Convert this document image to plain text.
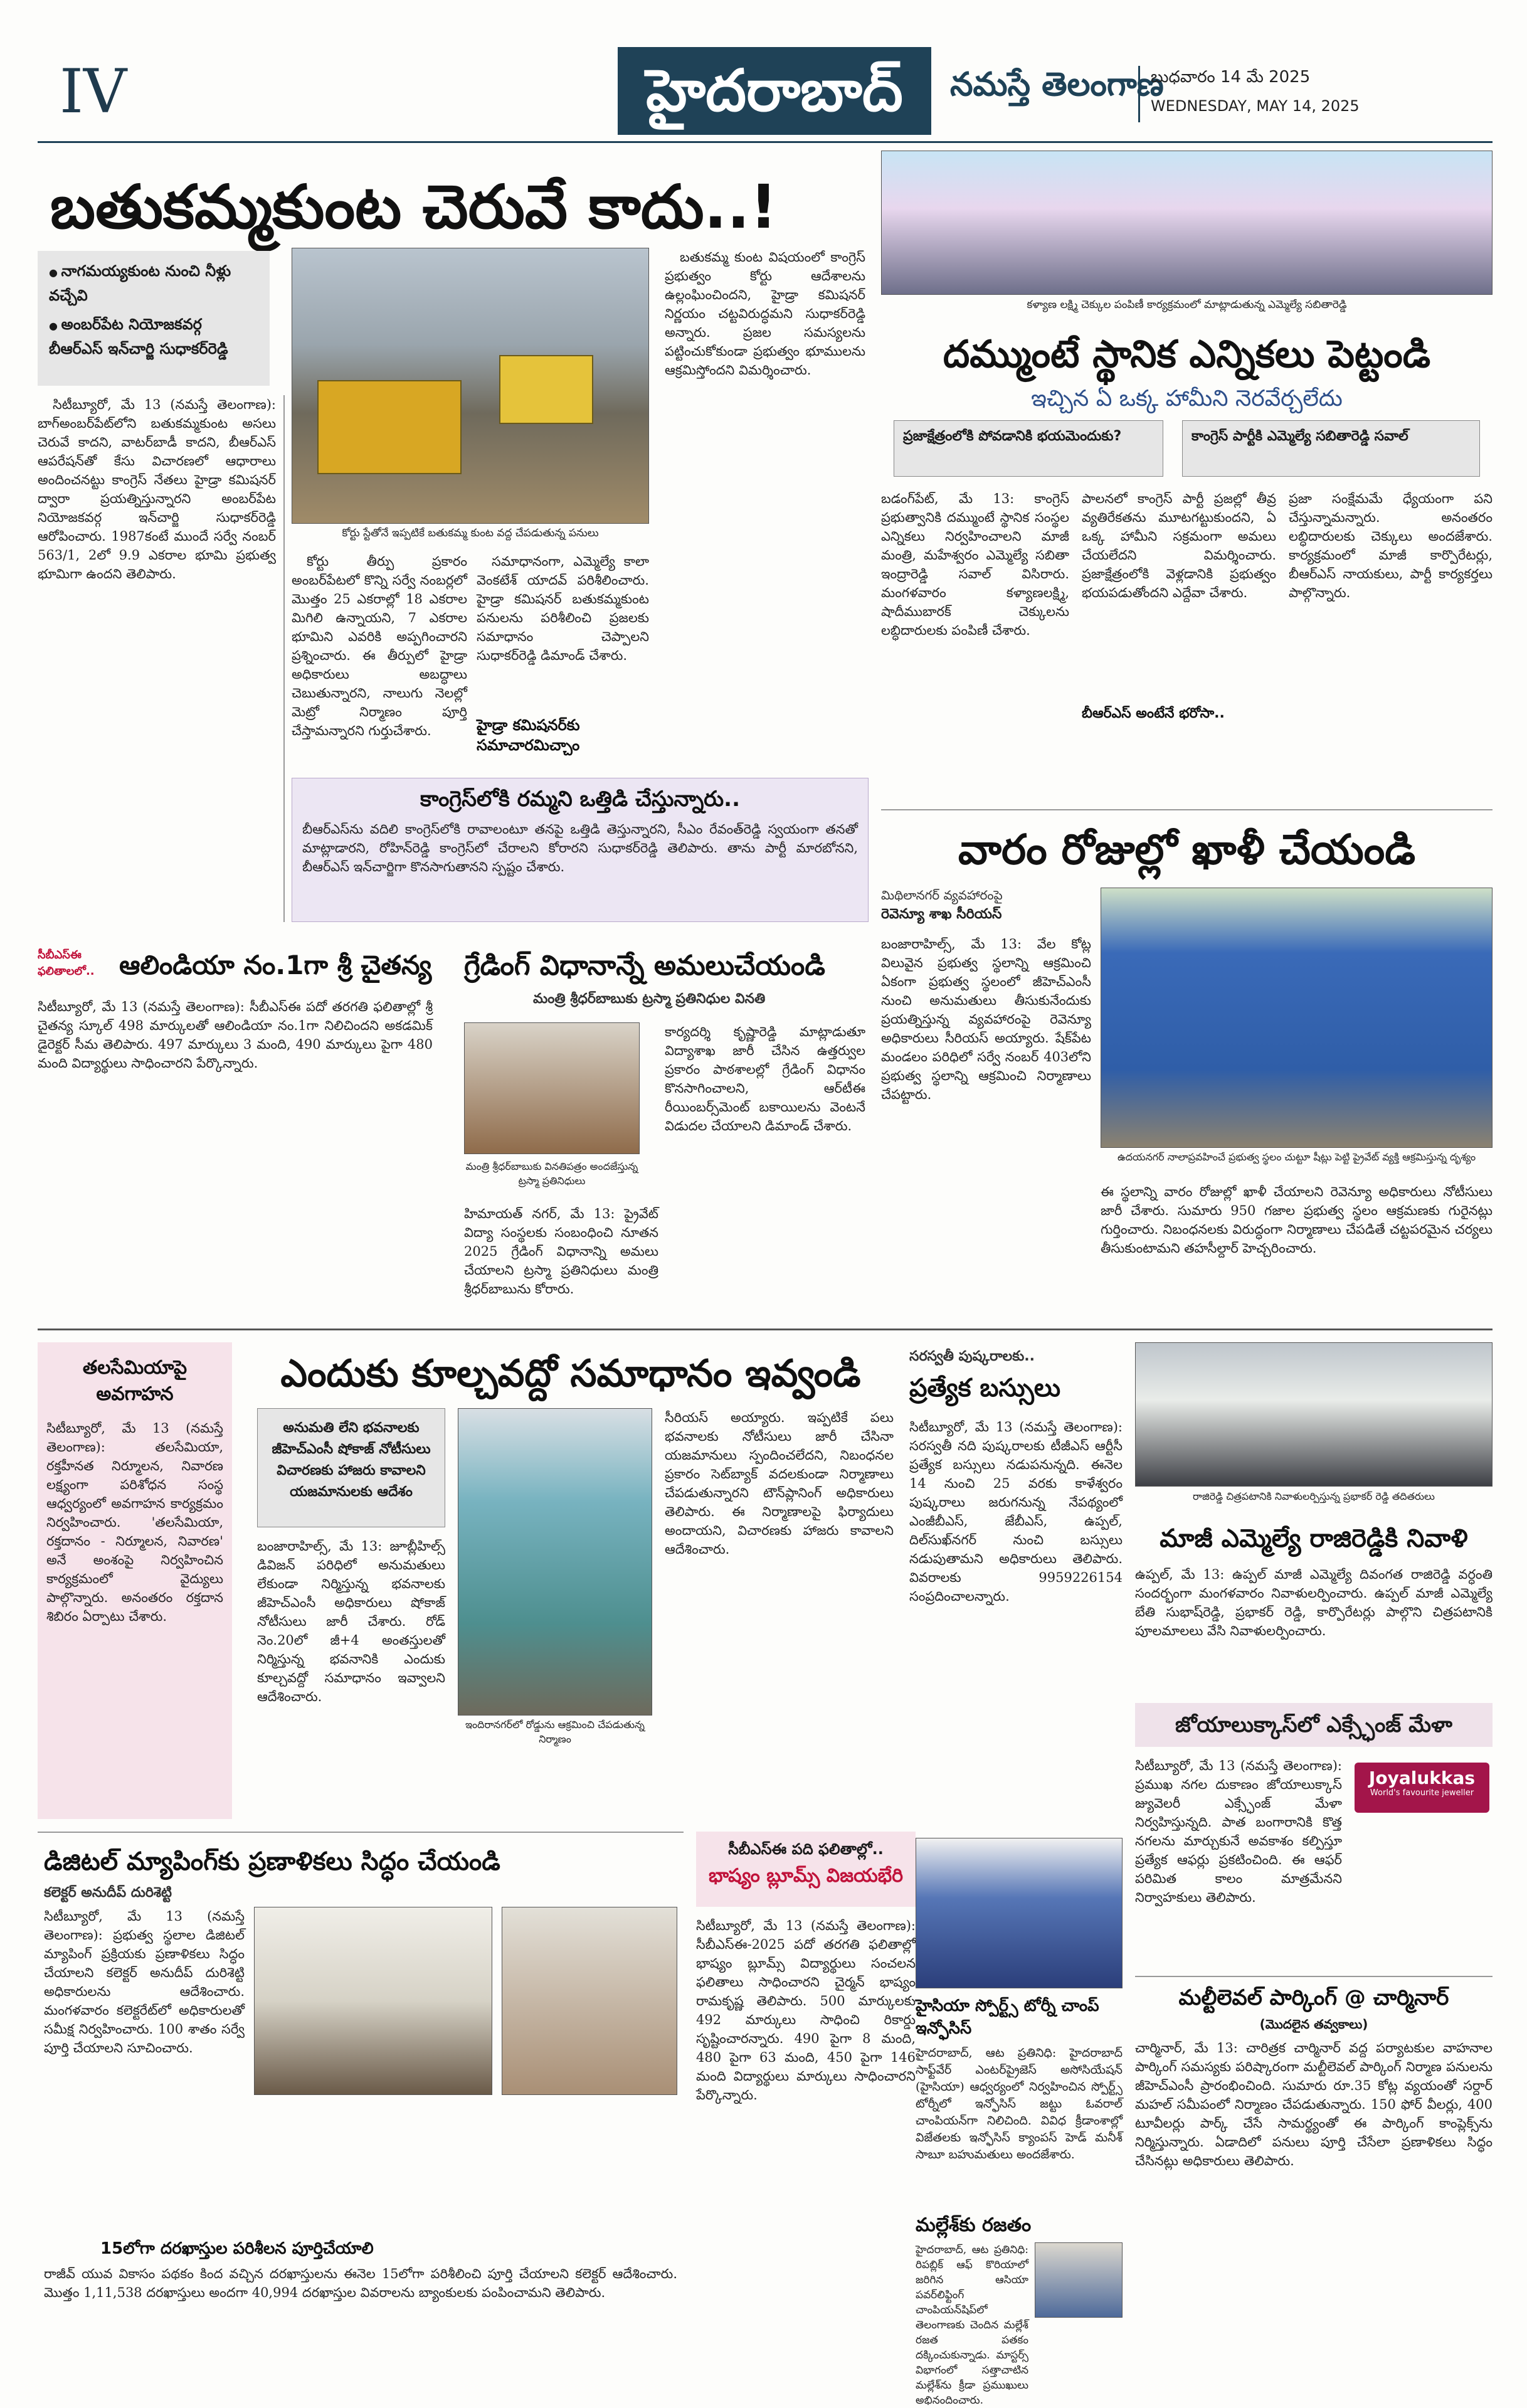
IV	హైదరాబాద్	నమస్తే తెలంగాణ
బుధవారం 14 మే 2025
WEDNESDAY, MAY 14, 2025
బతుకమ్మకుంట చెరువే కాదు..!
● నాగమయ్యకుంట నుంచి నీళ్లు వచ్చేవి
● అంబర్‌పేట నియోజకవర్గ బీఆర్‌ఎస్ ఇన్‌చార్జి సుధాకర్‌రెడ్డి
కోర్టు స్టేతోనే ఇప్పటికే బతుకమ్మ కుంట వద్ద చేపడుతున్న పనులు

సిటీబ్యూరో, మే 13 (నమస్తే తెలంగాణ): బాగ్‌అంబర్‌పేట్‌లోని బతుకమ్మకుంట అసలు చెరువే కాదని, వాటర్‌బాడీ కాదని, బీఆర్‌ఎస్ ఆపరేషన్‌తో కేసు విచారణలో ఆధారాలు అందించనట్టు కాంగ్రెస్ నేతలు హైడ్రా కమిషనర్ ద్వారా ప్రయత్నిస్తున్నారని అంబర్‌పేట నియోజకవర్గ ఇన్‌చార్జి సుధాకర్‌రెడ్డి ఆరోపించారు. 1987కంటే ముందే సర్వే నంబర్ 563/1, 2లో 9.9 ఎకరాల భూమి ప్రభుత్వ భూమిగా ఉందని తెలిపారు.

కోర్టు తీర్పు ప్రకారం అంబర్‌పేటలో కొన్ని సర్వే నంబర్లలో మొత్తం 25 ఎకరాల్లో 18 ఎకరాల మిగిలి ఉన్నాయని, 7 ఎకరాల భూమిని ఎవరికి అప్పగించారని ప్రశ్నించారు. ఈ తీర్పులో హైడ్రా అధికారులు అబద్ధాలు చెబుతున్నారని, నాలుగు నెలల్లో మెట్రో నిర్మాణం పూర్తి చేస్తామన్నారని గుర్తుచేశారు.

సమాధానంగా, ఎమ్మెల్యే కాలా వెంకటేశ్ యాదవ్ పరిశీలించారు. హైడ్రా కమిషనర్ బతుకమ్మకుంట పనులను పరిశీలించి ప్రజలకు సమాధానం చెప్పాలని సుధాకర్‌రెడ్డి డిమాండ్ చేశారు.

హైడ్రా కమిషనర్‌కు సమాచారమిచ్చాం

బతుకమ్మ కుంట విషయంలో కాంగ్రెస్ ప్రభుత్వం కోర్టు ఆదేశాలను ఉల్లంఘించిందని, హైడ్రా కమిషనర్ నిర్ణయం చట్టవిరుద్ధమని సుధాకర్‌రెడ్డి అన్నారు. ప్రజల సమస్యలను పట్టించుకోకుండా ప్రభుత్వం భూములను ఆక్రమిస్తోందని విమర్శించారు.

కాంగ్రెస్‌లోకి రమ్మని ఒత్తిడి చేస్తున్నారు..
బీఆర్‌ఎస్‌ను వదిలి కాంగ్రెస్‌లోకి రావాలంటూ తనపై ఒత్తిడి తెస్తున్నారని, సీఎం రేవంత్‌రెడ్డి స్వయంగా తనతో మాట్లాడారని, రోహిన్‌రెడ్డి కాంగ్రెస్‌లో చేరాలని కోరారని సుధాకర్‌రెడ్డి తెలిపారు. తాను పార్టీ మారబోనని, బీఆర్‌ఎస్ ఇన్‌చార్జిగా కొనసాగుతానని స్పష్టం చేశారు.
సీబీఎస్ఈ ఫలితాలలో.. ఆలిండియా నం.1గా శ్రీ చైతన్య
సిటీబ్యూరో, మే 13 (నమస్తే తెలంగాణ): సీబీఎస్‌ఈ పదో తరగతి ఫలితాల్లో శ్రీ చైతన్య స్కూల్ 498 మార్కులతో ఆలిండియా నం.1గా నిలిచిందని అకడమిక్ డైరెక్టర్ సీమ తెలిపారు. 497 మార్కులు 3 మంది, 490 మార్కులు పైగా 480 మంది విద్యార్థులు సాధించారని పేర్కొన్నారు.
గ్రేడింగ్ విధానాన్నే అమలుచేయండి
మంత్రి శ్రీధర్‌బాబుకు ట్రస్మా ప్రతినిధుల వినతి
మంత్రి శ్రీధర్‌బాబుకు వినతిపత్రం అందజేస్తున్న ట్రస్మా ప్రతినిధులు
హిమాయత్ నగర్, మే 13: ప్రైవేట్ విద్యా సంస్థలకు సంబంధించి నూతన 2025 గ్రేడింగ్ విధానాన్ని అమలు చేయాలని ట్రస్మా ప్రతినిధులు మంత్రి శ్రీధర్‌బాబును కోరారు.
కార్యదర్శి కృష్ణారెడ్డి మాట్లాడుతూ విద్యాశాఖ జారీ చేసిన ఉత్తర్వుల ప్రకారం పాఠశాలల్లో గ్రేడింగ్ విధానం కొనసాగించాలని, ఆర్‌టీఈ రీయింబర్స్‌మెంట్ బకాయిలను వెంటనే విడుదల చేయాలని డిమాండ్ చేశారు.
కళ్యాణ లక్ష్మి చెక్కుల పంపిణీ కార్యక్రమంలో మాట్లాడుతున్న ఎమ్మెల్యే సబితారెడ్డి
దమ్ముంటే స్థానిక ఎన్నికలు పెట్టండి
ఇచ్చిన ఏ ఒక్క హామీని నెరవేర్చలేదు
ప్రజాక్షేత్రంలోకి పోవడానికి భయమెందుకు?	కాంగ్రెస్ పార్టీకి ఎమ్మెల్యే సబితారెడ్డి సవాల్
బడంగ్‌పేట్, మే 13: కాంగ్రెస్ ప్రభుత్వానికి దమ్ముంటే స్థానిక సంస్థల ఎన్నికలు నిర్వహించాలని మాజీ మంత్రి, మహేశ్వరం ఎమ్మెల్యే సబితా ఇంద్రారెడ్డి సవాల్ విసిరారు. మంగళవారం కళ్యాణలక్ష్మి, షాదీముబారక్ చెక్కులను లబ్ధిదారులకు పంపిణీ చేశారు.
పాలనలో కాంగ్రెస్ పార్టీ ప్రజల్లో తీవ్ర వ్యతిరేకతను మూటగట్టుకుందని, ఏ ఒక్క హామీని సక్రమంగా అమలు చేయలేదని విమర్శించారు. ప్రజాక్షేత్రంలోకి వెళ్లడానికి ప్రభుత్వం భయపడుతోందని ఎద్దేవా చేశారు.
బీఆర్‌ఎస్ అంటేనే భరోసా..
ప్రజా సంక్షేమమే ధ్యేయంగా పని చేస్తున్నామన్నారు. అనంతరం లబ్ధిదారులకు చెక్కులు అందజేశారు. కార్యక్రమంలో మాజీ కార్పొరేటర్లు, బీఆర్‌ఎస్ నాయకులు, పార్టీ కార్యకర్తలు పాల్గొన్నారు.
వారం రోజుల్లో ఖాళీ చేయండి
మిథిలానగర్ వ్యవహారంపై
రెవెన్యూ శాఖ సీరియస్
ఉదయనగర్ నాలాప్రవహించే ప్రభుత్వ స్థలం చుట్టూ షీట్లు పెట్టి ప్రైవేట్ వ్యక్తి ఆక్రమిస్తున్న దృశ్యం
బంజారాహిల్స్, మే 13: వేల కోట్ల విలువైన ప్రభుత్వ స్థలాన్ని ఆక్రమించి ఏకంగా ప్రభుత్వ స్థలంలో జీహెచ్‌ఎంసీ నుంచి అనుమతులు తీసుకునేందుకు ప్రయత్నిస్తున్న వ్యవహారంపై రెవెన్యూ అధికారులు సీరియస్ అయ్యారు. షేక్‌పేట మండలం పరిధిలో సర్వే నంబర్ 403లోని ప్రభుత్వ స్థలాన్ని ఆక్రమించి నిర్మాణాలు చేపట్టారు.
ఈ స్థలాన్ని వారం రోజుల్లో ఖాళీ చేయాలని రెవెన్యూ అధికారులు నోటీసులు జారీ చేశారు. సుమారు 950 గజాల ప్రభుత్వ స్థలం ఆక్రమణకు గురైనట్లు గుర్తించారు. నిబంధనలకు విరుద్ధంగా నిర్మాణాలు చేపడితే చట్టపరమైన చర్యలు తీసుకుంటామని తహసీల్దార్ హెచ్చరించారు.
తలసేమియాపై అవగాహన
సిటీబ్యూరో, మే 13 (నమస్తే తెలంగాణ): తలసేమియా, రక్తహీనత నిర్మూలన, నివారణ లక్ష్యంగా పరిశోధన సంస్థ ఆధ్వర్యంలో అవగాహన కార్యక్రమం నిర్వహించారు. 'తలసేమియా, రక్తదానం - నిర్మూలన, నివారణ' అనే అంశంపై నిర్వహించిన కార్యక్రమంలో వైద్యులు పాల్గొన్నారు. అనంతరం రక్తదాన శిబిరం ఏర్పాటు చేశారు.
ఎందుకు కూల్చవద్దో సమాధానం ఇవ్వండి
అనుమతి లేని భవనాలకు జీహెచ్‌ఎంసీ షోకాజ్ నోటీసులు విచారణకు హాజరు కావాలని యజమానులకు ఆదేశం
ఇందిరానగర్‌లో రోడ్డును ఆక్రమించి చేపడుతున్న నిర్మాణం
బంజారాహిల్స్, మే 13: జూబ్లీహిల్స్ డివిజన్ పరిధిలో అనుమతులు లేకుండా నిర్మిస్తున్న భవనాలకు జీహెచ్‌ఎంసీ అధికారులు షోకాజ్ నోటీసులు జారీ చేశారు. రోడ్ నెం.20లో జీ+4 అంతస్తులతో నిర్మిస్తున్న భవనానికి ఎందుకు కూల్చవద్దో సమాధానం ఇవ్వాలని ఆదేశించారు.
సీరియస్ అయ్యారు. ఇప్పటికే పలు భవనాలకు నోటీసులు జారీ చేసినా యజమానులు స్పందించలేదని, నిబంధనల ప్రకారం సెట్‌బ్యాక్ వదలకుండా నిర్మాణాలు చేపడుతున్నారని టౌన్‌ప్లానింగ్ అధికారులు తెలిపారు. ఈ నిర్మాణాలపై ఫిర్యాదులు అందాయని, విచారణకు హాజరు కావాలని ఆదేశించారు.
సరస్వతీ పుష్కరాలకు..
ప్రత్యేక బస్సులు
సిటీబ్యూరో, మే 13 (నమస్తే తెలంగాణ): సరస్వతీ నది పుష్కరాలకు టీజీఎస్ ఆర్టీసీ ప్రత్యేక బస్సులు నడుపనున్నది. ఈనెల 14 నుంచి 25 వరకు కాళేశ్వరం పుష్కరాలు జరుగనున్న నేపథ్యంలో ఎంజీబీఎస్, జేబీఎస్, ఉప్పల్, దిల్‌సుఖ్‌నగర్ నుంచి బస్సులు నడుపుతామని అధికారులు తెలిపారు. వివరాలకు 9959226154 సంప్రదించాలన్నారు.
రాజిరెడ్డి చిత్రపటానికి నివాళులర్పిస్తున్న ప్రభాకర్ రెడ్డి తదితరులు
మాజీ ఎమ్మెల్యే రాజిరెడ్డికి నివాళి
ఉప్పల్, మే 13: ఉప్పల్ మాజీ ఎమ్మెల్యే దివంగత రాజిరెడ్డి వర్ధంతి సందర్భంగా మంగళవారం నివాళులర్పించారు. ఉప్పల్ మాజీ ఎమ్మెల్యే బేతి సుభాష్‌రెడ్డి, ప్రభాకర్ రెడ్డి, కార్పొరేటర్లు పాల్గొని చిత్రపటానికి పూలమాలలు వేసి నివాళులర్పించారు.
జోయాలుక్కాస్‌లో ఎక్స్ఛేంజ్ మేళా
సిటీబ్యూరో, మే 13 (నమస్తే తెలంగాణ): ప్రముఖ నగల దుకాణం జోయాలుక్కాస్ జ్యువెలరీ ఎక్స్ఛేంజ్ మేళా నిర్వహిస్తున్నది. పాత బంగారానికి కొత్త నగలను మార్చుకునే అవకాశం కల్పిస్తూ ప్రత్యేక ఆఫర్లు ప్రకటించింది. ఈ ఆఫర్ పరిమిత కాలం మాత్రమేనని నిర్వాహకులు తెలిపారు.
Joyalukkas
World's favourite jeweller
డిజిటల్ మ్యాపింగ్‌కు ప్రణాళికలు సిద్ధం చేయండి
కలెక్టర్ అనుదీప్ దురిశెట్టి
సిటీబ్యూరో, మే 13 (నమస్తే తెలంగాణ): ప్రభుత్వ స్థలాల డిజిటల్ మ్యాపింగ్ ప్రక్రియకు ప్రణాళికలు సిద్ధం చేయాలని కలెక్టర్ అనుదీప్ దురిశెట్టి అధికారులను ఆదేశించారు. మంగళవారం కలెక్టరేట్‌లో అధికారులతో సమీక్ష నిర్వహించారు. 100 శాతం సర్వే పూర్తి చేయాలని సూచించారు.
15లోగా దరఖాస్తుల పరిశీలన పూర్తిచేయాలి
రాజీవ్ యువ వికాసం పథకం కింద వచ్చిన దరఖాస్తులను ఈనెల 15లోగా పరిశీలించి పూర్తి చేయాలని కలెక్టర్ ఆదేశించారు. మొత్తం 1,11,538 దరఖాస్తులు అందగా 40,994 దరఖాస్తుల వివరాలను బ్యాంకులకు పంపించామని తెలిపారు.
సీబీఎస్‌ఈ పది ఫలితాల్లో..
భాష్యం బ్లూమ్స్ విజయభేరి
సిటీబ్యూరో, మే 13 (నమస్తే తెలంగాణ): సీబీఎస్‌ఈ-2025 పదో తరగతి ఫలితాల్లో భాష్యం బ్లూమ్స్ విద్యార్థులు సంచలన ఫలితాలు సాధించారని చైర్మన్ భాష్యం రామకృష్ణ తెలిపారు. 500 మార్కులకు 492 మార్కులు సాధించి రికార్డు సృష్టించారన్నారు. 490 పైగా 8 మంది, 480 పైగా 63 మంది, 450 పైగా 146 మంది విద్యార్థులు మార్కులు సాధించారని పేర్కొన్నారు.
హైసియా స్పోర్ట్స్ టోర్నీ చాంప్ ఇన్ఫోసిస్
హైదరాబాద్, ఆట ప్రతినిధి: హైదరాబాద్ సాఫ్ట్‌వేర్ ఎంటర్‌ప్రైజెస్ అసోసియేషన్ (హైసియా) ఆధ్వర్యంలో నిర్వహించిన స్పోర్ట్స్ టోర్నీలో ఇన్ఫోసిస్ జట్టు ఓవరాల్ చాంపియన్‌గా నిలిచింది. వివిధ క్రీడాంశాల్లో విజేతలకు ఇన్ఫోసిస్ క్యాంపస్ హెడ్ మనీశ్ సాబూ బహుమతులు అందజేశారు.
మల్లేశ్‌కు రజతం
హైదరాబాద్, ఆట ప్రతినిధి: రిపబ్లిక్ ఆఫ్ కొరియాలో జరిగిన ఆసియా పవర్‌లిఫ్టింగ్ చాంపియన్‌షిప్‌లో తెలంగాణకు చెందిన మల్లేశ్ రజత పతకం దక్కించుకున్నాడు. మాస్టర్స్ విభాగంలో సత్తాచాటిన మల్లేశ్‌ను క్రీడా ప్రముఖులు అభినందించారు.
మల్టీలెవల్ పార్కింగ్ @ చార్మినార్
(మొదలైన తవ్వకాలు)
చార్మినార్, మే 13: చారిత్రక చార్మినార్ వద్ద పర్యాటకుల వాహనాల పార్కింగ్ సమస్యకు పరిష్కారంగా మల్టీలెవల్ పార్కింగ్ నిర్మాణ పనులను జీహెచ్‌ఎంసీ ప్రారంభించింది. సుమారు రూ.35 కోట్ల వ్యయంతో సర్దార్ మహల్ సమీపంలో నిర్మాణం చేపడుతున్నారు. 150 ఫోర్ వీలర్లు, 400 టూవీలర్లు పార్క్ చేసే సామర్థ్యంతో ఈ పార్కింగ్ కాంప్లెక్స్‌ను నిర్మిస్తున్నారు. ఏడాదిలో పనులు పూర్తి చేసేలా ప్రణాళికలు సిద్ధం చేసినట్లు అధికారులు తెలిపారు.
